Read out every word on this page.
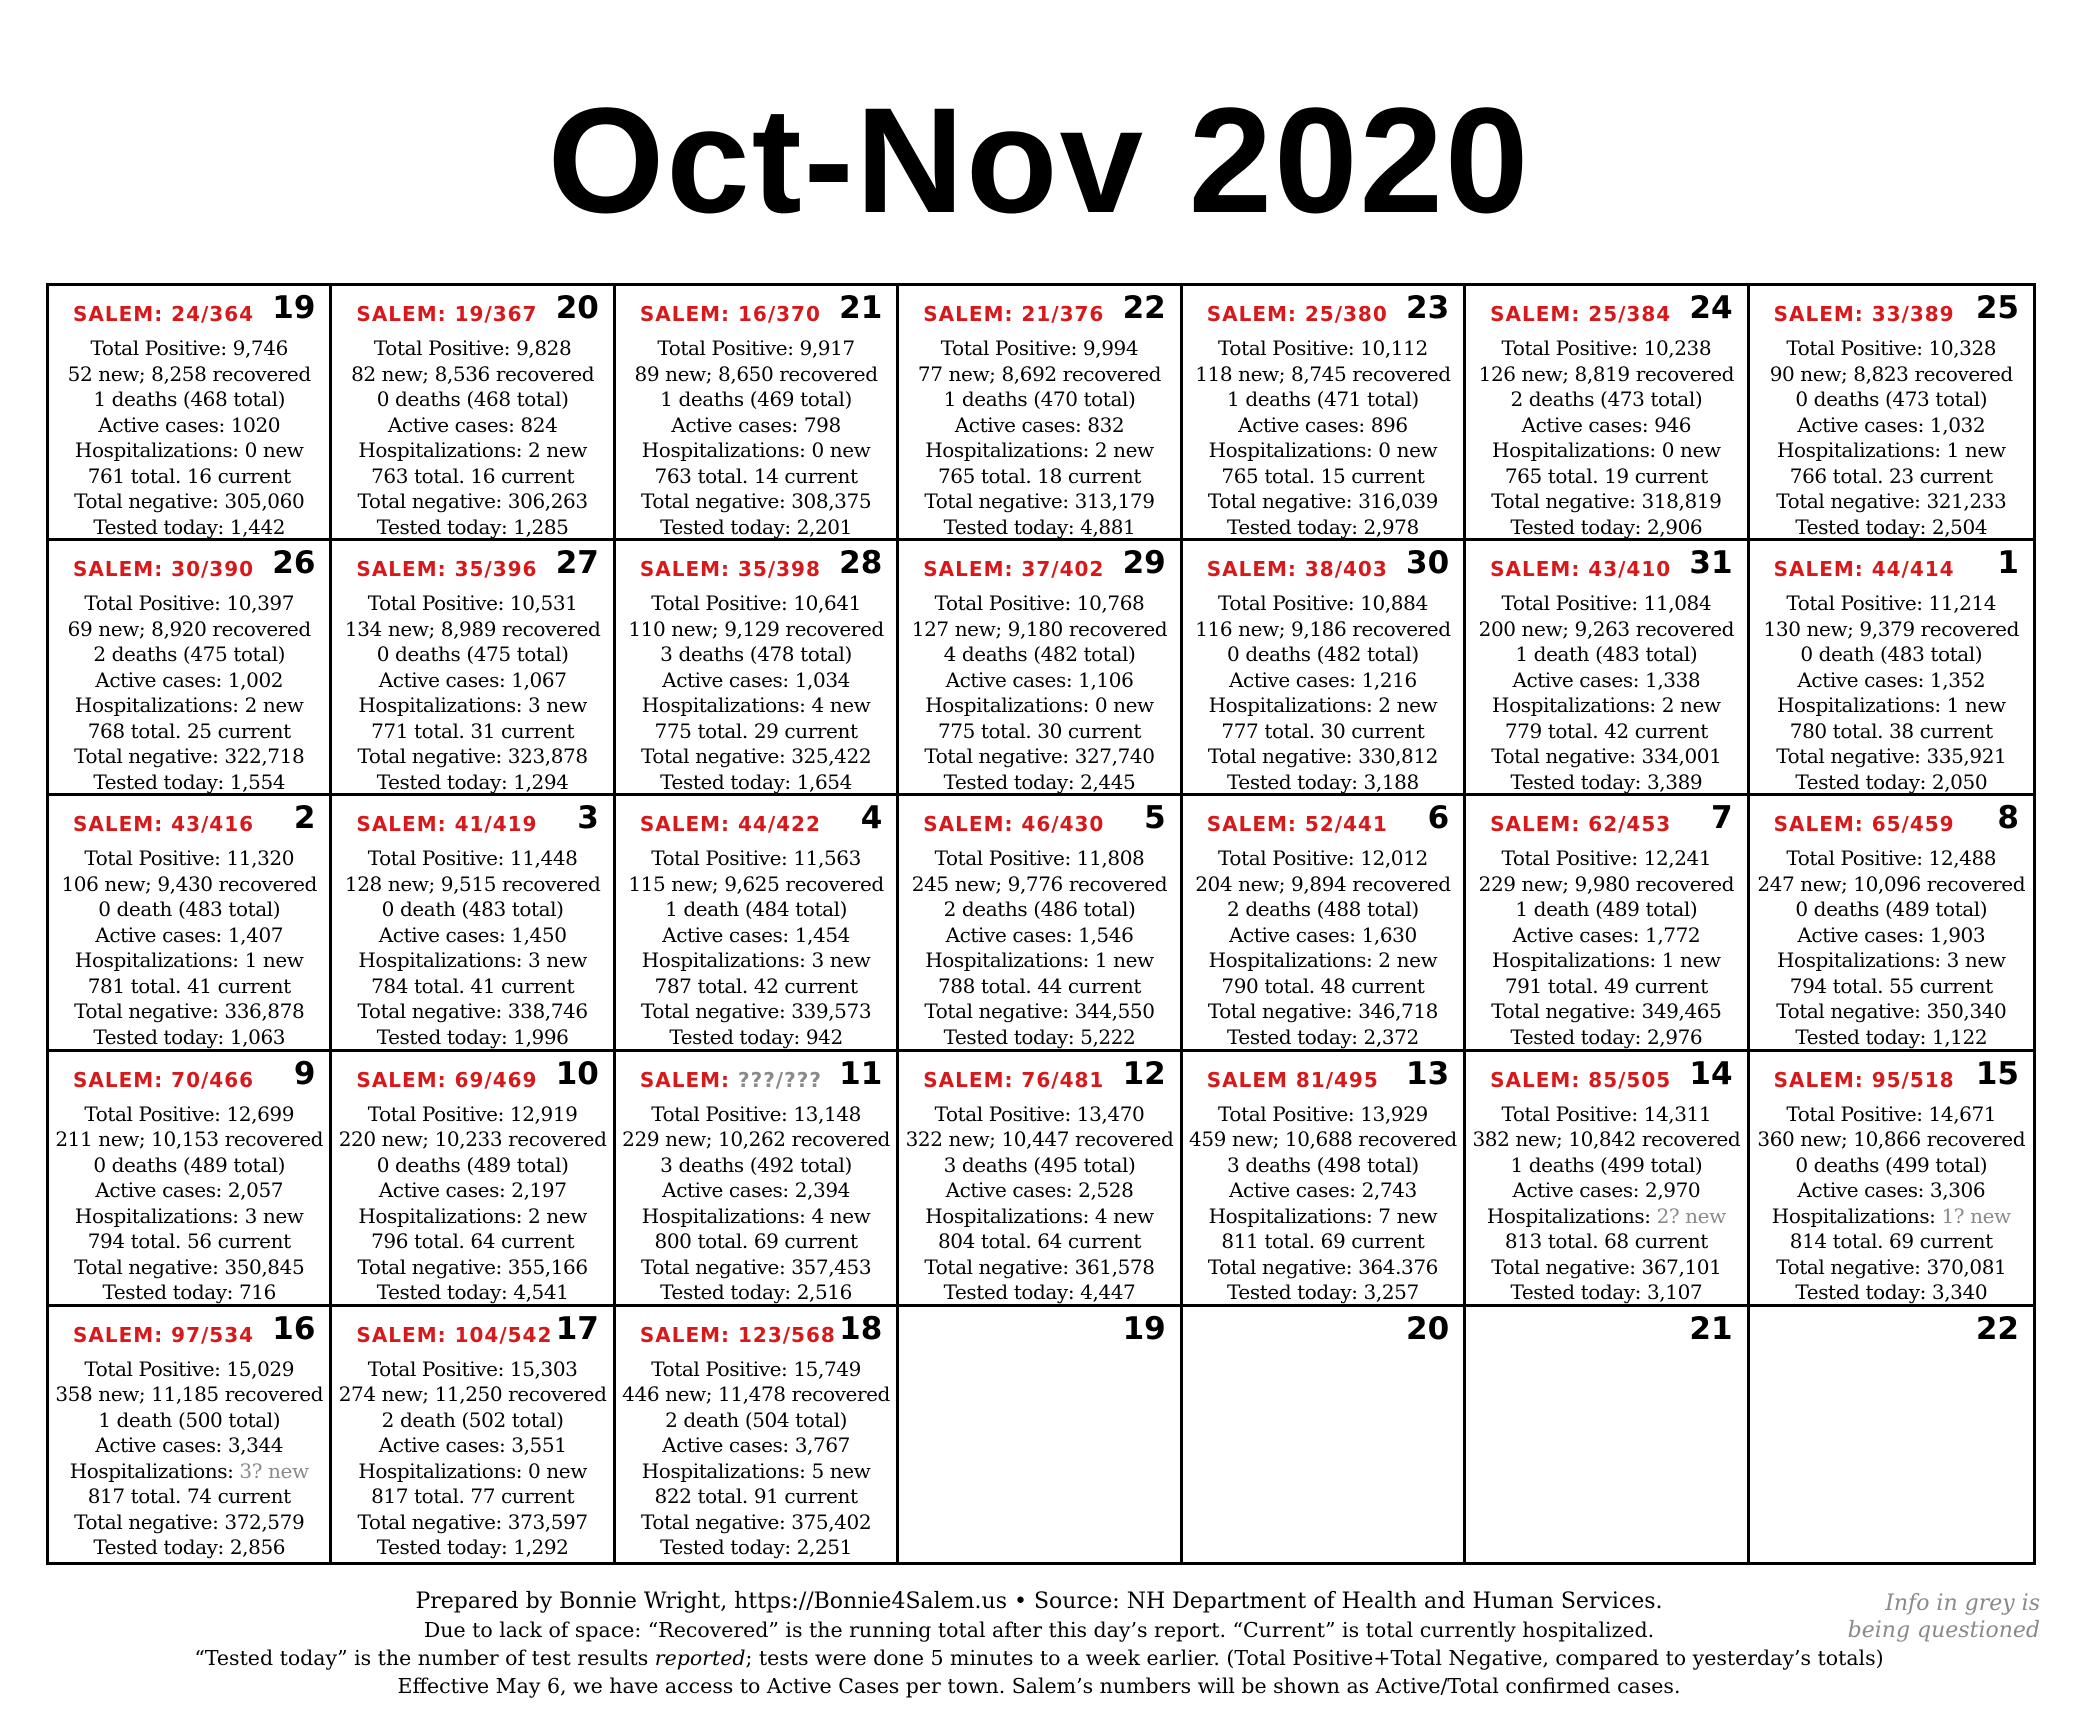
Oct-Nov 2020
SALEM: 24/364 19
Total Positive: 9,746
52 new; 8,258 recovered
1 deaths (468 total)
Active cases: 1020
Hospitalizations: 0 new
761 total. 16 current
Total negative: 305,060
Tested today: 1,442
SALEM: 19/367 20
Total Positive: 9,828
82 new; 8,536 recovered
0 deaths (468 total)
Active cases: 824
Hospitalizations: 2 new
763 total. 16 current
Total negative: 306,263
Tested today: 1,285
SALEM: 16/370 21
Total Positive: 9,917
89 new; 8,650 recovered
1 deaths (469 total)
Active cases: 798
Hospitalizations: 0 new
763 total. 14 current
Total negative: 308,375
Tested today: 2,201
SALEM: 21/376 22
Total Positive: 9,994
77 new; 8,692 recovered
1 deaths (470 total)
Active cases: 832
Hospitalizations: 2 new
765 total. 18 current
Total negative: 313,179
Tested today: 4,881
SALEM: 25/380 23
Total Positive: 10,112
118 new; 8,745 recovered
1 deaths (471 total)
Active cases: 896
Hospitalizations: 0 new
765 total. 15 current
Total negative: 316,039
Tested today: 2,978
SALEM: 25/384 24
Total Positive: 10,238
126 new; 8,819 recovered
2 deaths (473 total)
Active cases: 946
Hospitalizations: 0 new
765 total. 19 current
Total negative: 318,819
Tested today: 2,906
SALEM: 33/389 25
Total Positive: 10,328
90 new; 8,823 recovered
0 deaths (473 total)
Active cases: 1,032
Hospitalizations: 1 new
766 total. 23 current
Total negative: 321,233
Tested today: 2,504
SALEM: 30/390 26
Total Positive: 10,397
69 new; 8,920 recovered
2 deaths (475 total)
Active cases: 1,002
Hospitalizations: 2 new
768 total. 25 current
Total negative: 322,718
Tested today: 1,554
SALEM: 35/396 27
Total Positive: 10,531
134 new; 8,989 recovered
0 deaths (475 total)
Active cases: 1,067
Hospitalizations: 3 new
771 total. 31 current
Total negative: 323,878
Tested today: 1,294
SALEM: 35/398 28
Total Positive: 10,641
110 new; 9,129 recovered
3 deaths (478 total)
Active cases: 1,034
Hospitalizations: 4 new
775 total. 29 current
Total negative: 325,422
Tested today: 1,654
SALEM: 37/402 29
Total Positive: 10,768
127 new; 9,180 recovered
4 deaths (482 total)
Active cases: 1,106
Hospitalizations: 0 new
775 total. 30 current
Total negative: 327,740
Tested today: 2,445
SALEM: 38/403 30
Total Positive: 10,884
116 new; 9,186 recovered
0 deaths (482 total)
Active cases: 1,216
Hospitalizations: 2 new
777 total. 30 current
Total negative: 330,812
Tested today: 3,188
SALEM: 43/410 31
Total Positive: 11,084
200 new; 9,263 recovered
1 death (483 total)
Active cases: 1,338
Hospitalizations: 2 new
779 total. 42 current
Total negative: 334,001
Tested today: 3,389
SALEM: 44/414 1
Total Positive: 11,214
130 new; 9,379 recovered
0 death (483 total)
Active cases: 1,352
Hospitalizations: 1 new
780 total. 38 current
Total negative: 335,921
Tested today: 2,050
SALEM: 43/416 2
Total Positive: 11,320
106 new; 9,430 recovered
0 death (483 total)
Active cases: 1,407
Hospitalizations: 1 new
781 total. 41 current
Total negative: 336,878
Tested today: 1,063
SALEM: 41/419 3
Total Positive: 11,448
128 new; 9,515 recovered
0 death (483 total)
Active cases: 1,450
Hospitalizations: 3 new
784 total. 41 current
Total negative: 338,746
Tested today: 1,996
SALEM: 44/422 4
Total Positive: 11,563
115 new; 9,625 recovered
1 death (484 total)
Active cases: 1,454
Hospitalizations: 3 new
787 total. 42 current
Total negative: 339,573
Tested today: 942
SALEM: 46/430 5
Total Positive: 11,808
245 new; 9,776 recovered
2 deaths (486 total)
Active cases: 1,546
Hospitalizations: 1 new
788 total. 44 current
Total negative: 344,550
Tested today: 5,222
SALEM: 52/441 6
Total Positive: 12,012
204 new; 9,894 recovered
2 deaths (488 total)
Active cases: 1,630
Hospitalizations: 2 new
790 total. 48 current
Total negative: 346,718
Tested today: 2,372
SALEM: 62/453 7
Total Positive: 12,241
229 new; 9,980 recovered
1 death (489 total)
Active cases: 1,772
Hospitalizations: 1 new
791 total. 49 current
Total negative: 349,465
Tested today: 2,976
SALEM: 65/459 8
Total Positive: 12,488
247 new; 10,096 recovered
0 deaths (489 total)
Active cases: 1,903
Hospitalizations: 3 new
794 total. 55 current
Total negative: 350,340
Tested today: 1,122
SALEM: 70/466 9
Total Positive: 12,699
211 new; 10,153 recovered
0 deaths (489 total)
Active cases: 2,057
Hospitalizations: 3 new
794 total. 56 current
Total negative: 350,845
Tested today: 716
SALEM: 69/469 10
Total Positive: 12,919
220 new; 10,233 recovered
0 deaths (489 total)
Active cases: 2,197
Hospitalizations: 2 new
796 total. 64 current
Total negative: 355,166
Tested today: 4,541
SALEM: ???/??? 11
Total Positive: 13,148
229 new; 10,262 recovered
3 deaths (492 total)
Active cases: 2,394
Hospitalizations: 4 new
800 total. 69 current
Total negative: 357,453
Tested today: 2,516
SALEM: 76/481 12
Total Positive: 13,470
322 new; 10,447 recovered
3 deaths (495 total)
Active cases: 2,528
Hospitalizations: 4 new
804 total. 64 current
Total negative: 361,578
Tested today: 4,447
SALEM 81/495 13
Total Positive: 13,929
459 new; 10,688 recovered
3 deaths (498 total)
Active cases: 2,743
Hospitalizations: 7 new
811 total. 69 current
Total negative: 364.376
Tested today: 3,257
SALEM: 85/505 14
Total Positive: 14,311
382 new; 10,842 recovered
1 deaths (499 total)
Active cases: 2,970
Hospitalizations: 2? new
813 total. 68 current
Total negative: 367,101
Tested today: 3,107
SALEM: 95/518 15
Total Positive: 14,671
360 new; 10,866 recovered
0 deaths (499 total)
Active cases: 3,306
Hospitalizations: 1? new
814 total. 69 current
Total negative: 370,081
Tested today: 3,340
SALEM: 97/534 16
Total Positive: 15,029
358 new; 11,185 recovered
1 death (500 total)
Active cases: 3,344
Hospitalizations: 3? new
817 total. 74 current
Total negative: 372,579
Tested today: 2,856
SALEM: 104/542 17
Total Positive: 15,303
274 new; 11,250 recovered
2 death (502 total)
Active cases: 3,551
Hospitalizations: 0 new
817 total. 77 current
Total negative: 373,597
Tested today: 1,292
SALEM: 123/568 18
Total Positive: 15,749
446 new; 11,478 recovered
2 death (504 total)
Active cases: 3,767
Hospitalizations: 5 new
822 total. 91 current
Total negative: 375,402
Tested today: 2,251
19	20	21	22
Prepared by Bonnie Wright, https://Bonnie4Salem.us • Source: NH Department of Health and Human Services.
Due to lack of space: “Recovered” is the running total after this day’s report. “Current” is total currently hospitalized.
“Tested today” is the number of test results reported; tests were done 5 minutes to a week earlier. (Total Positive+Total Negative, compared to yesterday’s totals)
Effective May 6, we have access to Active Cases per town. Salem’s numbers will be shown as Active/Total confirmed cases.
Info in grey is
being questioned
